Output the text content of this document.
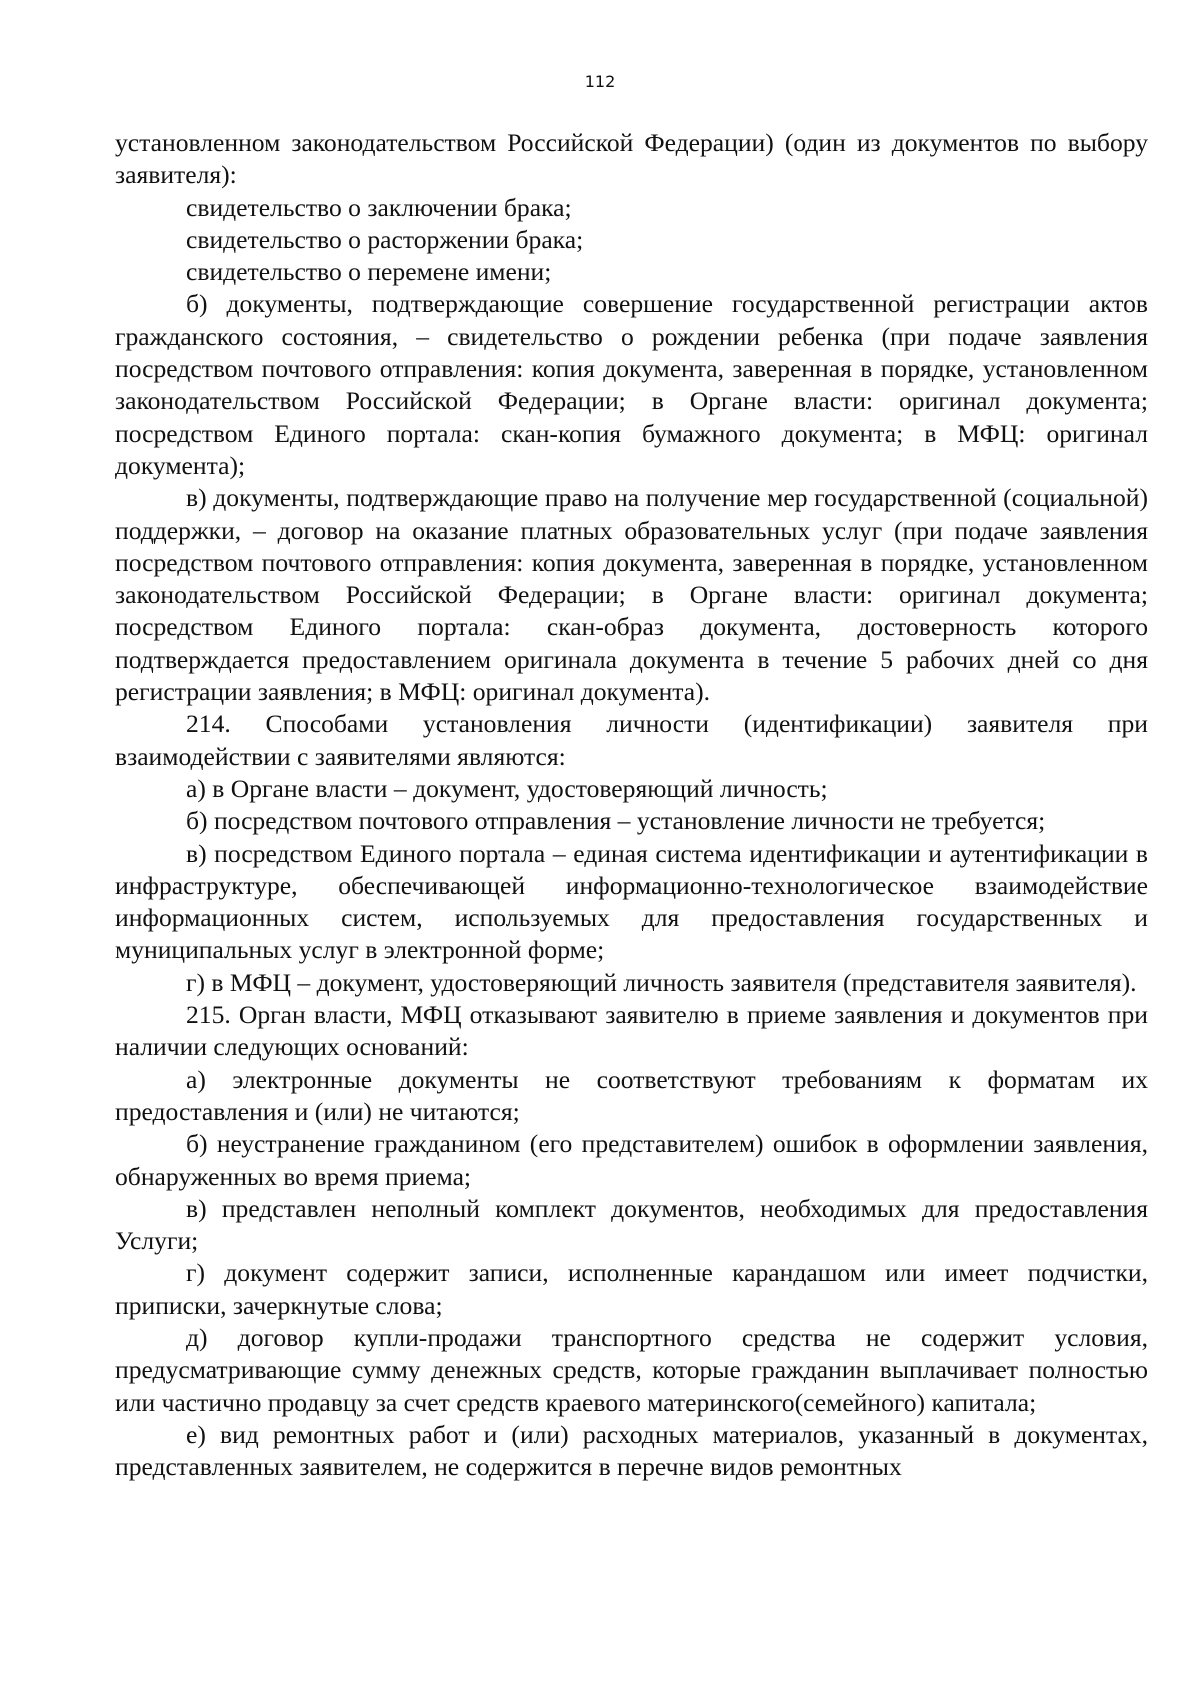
112

установленном законодательством Российской Федерации) (один из документов по выбору заявителя):

свидетельство о заключении брака;

свидетельство о расторжении брака;

свидетельство о перемене имени;

б) документы, подтверждающие совершение государственной регистрации актов гражданского состояния, – свидетельство о рождении ребенка (при подаче заявления посредством почтового отправления: копия документа, заверенная в порядке, установленном законодательством Российской Федерации; в Органе власти: оригинал документа; посредством Единого портала: скан-копия бумажного документа; в МФЦ: оригинал документа);

в) документы, подтверждающие право на получение мер государственной (социальной) поддержки, – договор на оказание платных образовательных услуг (при подаче заявления посредством почтового отправления: копия документа, заверенная в порядке, установленном законодательством Российской Федерации; в Органе власти: оригинал документа; посредством Единого портала: скан-образ документа, достоверность которого подтверждается предоставлением оригинала документа в течение 5 рабочих дней со дня регистрации заявления; в МФЦ: оригинал документа).

214. Способами установления личности (идентификации) заявителя при взаимодействии с заявителями являются:

а) в Органе власти – документ, удостоверяющий личность;

б) посредством почтового отправления – установление личности не требуется;

в) посредством Единого портала – единая система идентификации и аутентификации в инфраструктуре, обеспечивающей информационно-технологическое взаимодействие информационных систем, используемых для предоставления государственных и муниципальных услуг в электронной форме;

г) в МФЦ – документ, удостоверяющий личность заявителя (представителя заявителя).

215. Орган власти, МФЦ отказывают заявителю в приеме заявления и документов при наличии следующих оснований:

а) электронные документы не соответствуют требованиям к форматам их предоставления и (или) не читаются;

б) неустранение гражданином (его представителем) ошибок в оформлении заявления, обнаруженных во время приема;

в) представлен неполный комплект документов, необходимых для предоставления Услуги;

г) документ содержит записи, исполненные карандашом или имеет подчистки, приписки, зачеркнутые слова;

д) договор купли-продажи транспортного средства не содержит условия, предусматривающие сумму денежных средств, которые гражданин выплачивает полностью или частично продавцу за счет средств краевого материнского(семейного) капитала;

е) вид ремонтных работ и (или) расходных материалов, указанный в документах, представленных заявителем, не содержится в перечне видов ремонтных
